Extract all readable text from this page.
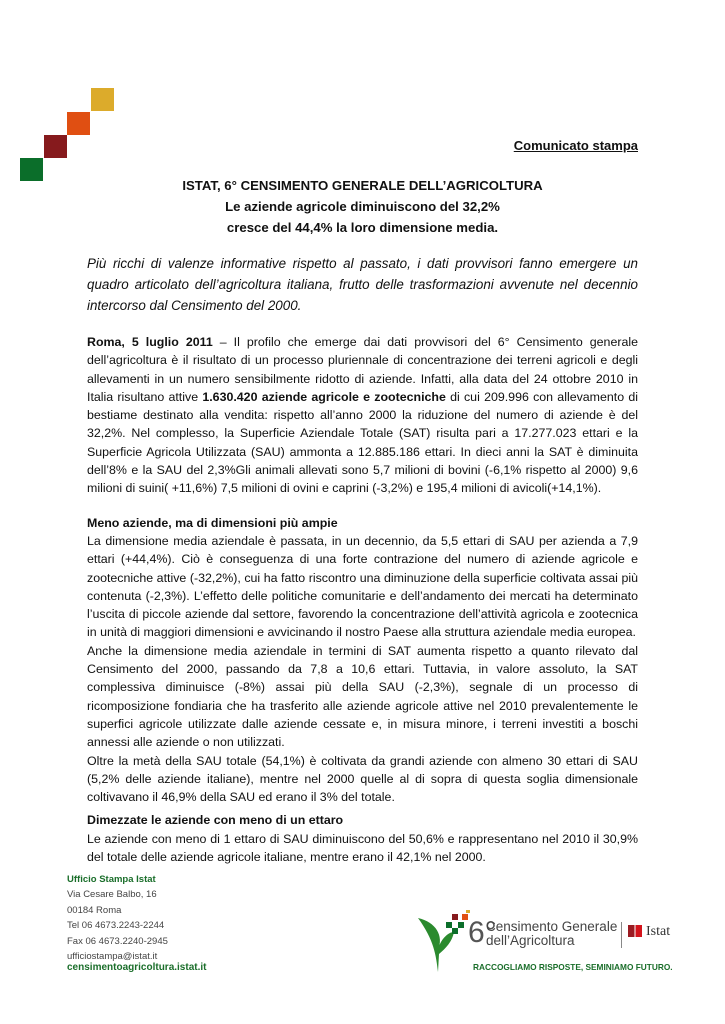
Comunicato stampa
ISTAT, 6° CENSIMENTO GENERALE DELL’AGRICOLTURA
Le aziende agricole diminuiscono del 32,2%
cresce del 44,4% la loro dimensione media.

Più ricchi di valenze informative rispetto al passato, i dati provvisori fanno emergere un quadro articolato dell’agricoltura italiana, frutto delle trasformazioni avvenute nel decennio intercorso dal Censimento del 2000.

Roma, 5 luglio 2011 – Il profilo che emerge dai dati provvisori del 6° Censimento generale dell’agricoltura è il risultato di un processo pluriennale di concentrazione dei terreni agricoli e degli allevamenti in un numero sensibilmente ridotto di aziende. Infatti, alla data del 24 ottobre 2010 in Italia risultano attive 1.630.420 aziende agricole e zootecniche di cui 209.996 con allevamento di bestiame destinato alla vendita: rispetto all’anno 2000 la riduzione del numero di aziende è del 32,2%. Nel complesso, la Superficie Aziendale Totale (SAT) risulta pari a 17.277.023 ettari e la Superficie Agricola Utilizzata (SAU) ammonta a 12.885.186 ettari. In dieci anni la SAT è diminuita dell’8% e la SAU del 2,3%Gli animali allevati sono 5,7 milioni di bovini (-6,1% rispetto al 2000) 9,6 milioni di suini( +11,6%) 7,5 milioni di ovini e caprini (-3,2%) e 195,4 milioni di avicoli(+14,1%).

Meno aziende, ma di dimensioni più ampie

La dimensione media aziendale è passata, in un decennio, da 5,5 ettari di SAU per azienda a 7,9 ettari (+44,4%). Ciò è conseguenza di una forte contrazione del numero di aziende agricole e zootecniche attive (-32,2%), cui ha fatto riscontro una diminuzione della superficie coltivata assai più contenuta (-2,3%). L’effetto delle politiche comunitarie e dell’andamento dei mercati ha determinato l’uscita di piccole aziende dal settore, favorendo la concentrazione dell’attività agricola e zootecnica in unità di maggiori dimensioni e avvicinando il nostro Paese alla struttura aziendale media europea.

Anche la dimensione media aziendale in termini di SAT aumenta rispetto a quanto rilevato dal Censimento del 2000, passando da 7,8 a 10,6 ettari. Tuttavia, in valore assoluto, la SAT complessiva diminuisce (-8%) assai più della SAU (-2,3%), segnale di un processo di ricomposizione fondiaria che ha trasferito alle aziende agricole attive nel 2010 prevalentemente le superfici agricole utilizzate dalle aziende cessate e, in misura minore, i terreni investiti a boschi annessi alle aziende o non utilizzati.

Oltre la metà della SAU totale (54,1%) è coltivata da grandi aziende con almeno 30 ettari di SAU (5,2% delle aziende italiane), mentre nel 2000 quelle al di sopra di questa soglia dimensionale coltivavano il 46,9% della SAU ed erano il 3% del totale.

Dimezzate le aziende con meno di un ettaro

Le aziende con meno di 1 ettaro di SAU diminuiscono del 50,6% e rappresentano nel 2010 il 30,9% del totale delle aziende agricole italiane, mentre erano il 42,1% nel 2000.

Ufficio Stampa Istat
Via Cesare Balbo, 16
00184 Roma
Tel 06 4673.2243-2244
Fax 06 4673.2240-2945
ufficiostampa@istat.it
censimentoagricoltura.istat.it
6°
Censimento Generale
dell’Agricoltura
Istat
RACCOGLIAMO RISPOSTE, SEMINIAMO FUTURO.
